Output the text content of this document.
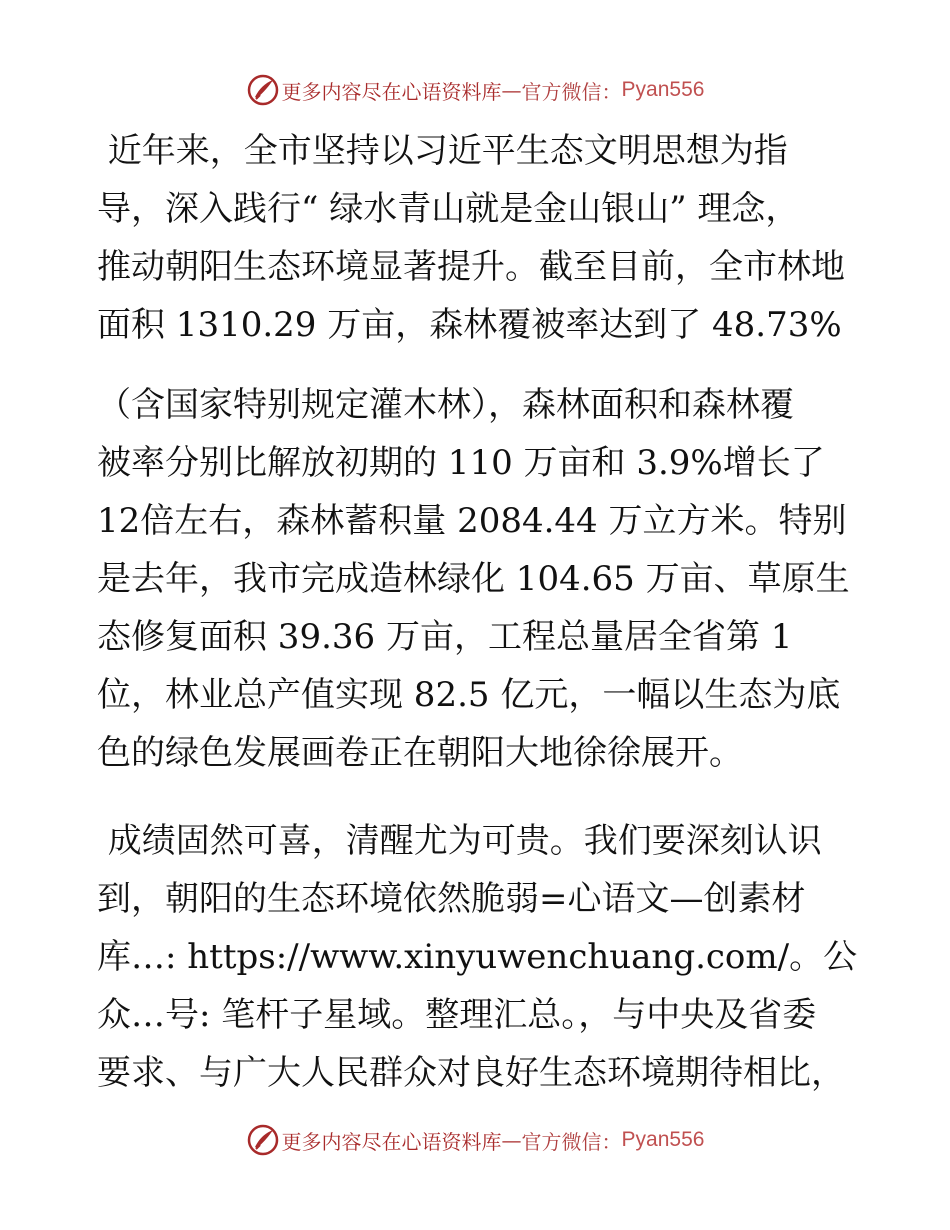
更多内容尽在心语资料库 — 官方微信： Pyan556
近年来，全市坚持以习近平生态文明思想为指
导，深入践行“ 绿水青山就是金山银山” 理念，
推动朝阳生态环境显著提升。截至目前，全市林地
面积 1310.29 万亩，森林覆被率达到了 48.73%
（含国家特别规定灌木林），森林面积和森林覆
被率分别比解放初期的 110 万亩和 3.9%增长了
12倍左右，森林蓄积量 2084.44 万立方米。特别
是去年，我市完成造林绿化 104.65 万亩、草原生
态修复面积 39.36 万亩，工程总量居全省第 1
位，林业总产值实现 82.5 亿元，一幅以生态为底
色的绿色发展画卷正在朝阳大地徐徐展开。
成绩固然可喜，清醒尤为可贵。我们要深刻认识
到，朝阳的生态环境依然脆弱=心语文—创素材
库…: https://www.xinyuwenchuang.com/。公
众…号: 笔杆子星域。整理汇总。，与中央及省委
要求、与广大人民群众对良好生态环境期待相比，
更多内容尽在心语资料库 — 官方微信： Pyan556
